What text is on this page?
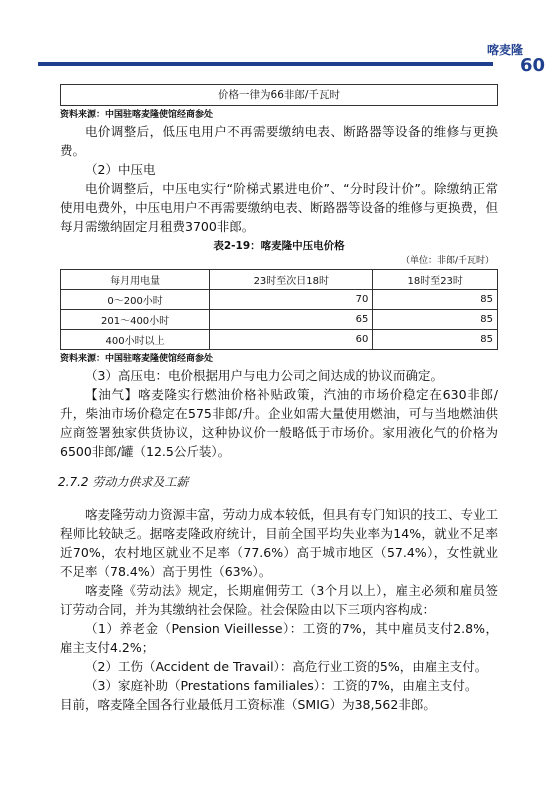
喀麦隆
60
价格一律为66非郎/千瓦时
资料来源：中国驻喀麦隆使馆经商参处

电价调整后，低压电用户不再需要缴纳电表、断路器等设备的维修与更换费。

（2）中压电

电价调整后，中压电实行“阶梯式累进电价”、“分时段计价”。除缴纳正常使用电费外，中压电用户不再需要缴纳电表、断路器等设备的维修与更换费，但每月需缴纳固定月租费3700非郎。

表2-19：喀麦隆中压电价格
（单位：非郎/千瓦时）
每月用电量	23时至次日18时	18时至23时
0～200小时	70	85
201～400小时	65	85
400小时以上	60	85
资料来源：中国驻喀麦隆使馆经商参处

（3）高压电：电价根据用户与电力公司之间达成的协议而确定。

【油气】喀麦隆实行燃油价格补贴政策，汽油的市场价稳定在630非郎/升，柴油市场价稳定在575非郎/升。企业如需大量使用燃油，可与当地燃油供应商签署独家供货协议，这种协议价一般略低于市场价。家用液化气的价格为6500非郎/罐（12.5公斤装）。

2.7.2 劳动力供求及工薪

喀麦隆劳动力资源丰富，劳动力成本较低，但具有专门知识的技工、专业工程师比较缺乏。据喀麦隆政府统计，目前全国平均失业率为14%，就业不足率近70%，农村地区就业不足率（77.6%）高于城市地区（57.4%），女性就业不足率（78.4%）高于男性（63%）。

喀麦隆《劳动法》规定，长期雇佣劳工（3个月以上），雇主必须和雇员签订劳动合同，并为其缴纳社会保险。社会保险由以下三项内容构成：

（1）养老金（Pension Vieillesse）：工资的7%，其中雇员支付2.8%，雇主支付4.2%；

（2）工伤（Accident de Travail）：高危行业工资的5%，由雇主支付。

（3）家庭补助（Prestations familiales）：工资的7%，由雇主支付。

目前，喀麦隆全国各行业最低月工资标准（SMIG）为38,562非郎。
